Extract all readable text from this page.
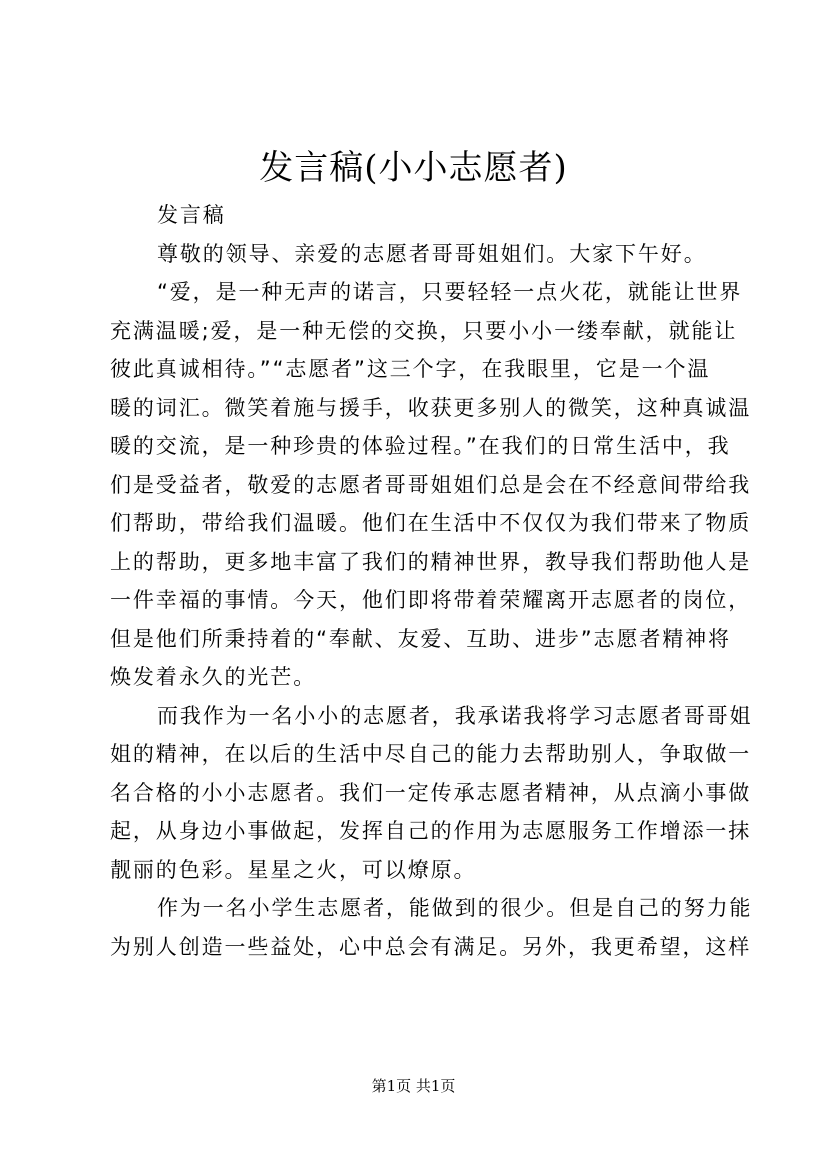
发言稿(小小志愿者)
发言稿
尊敬的领导、亲爱的志愿者哥哥姐姐们。大家下午好。
“爱，是一种无声的诺言，只要轻轻一点火花，就能让世界
充满温暖;爱，是一种无偿的交换，只要小小一缕奉献，就能让
彼此真诚相待。”“志愿者”这三个字，在我眼里，它是一个温
暖的词汇。微笑着施与援手，收获更多别人的微笑，这种真诚温
暖的交流，是一种珍贵的体验过程。”在我们的日常生活中，我
们是受益者，敬爱的志愿者哥哥姐姐们总是会在不经意间带给我
们帮助，带给我们温暖。他们在生活中不仅仅为我们带来了物质
上的帮助，更多地丰富了我们的精神世界，教导我们帮助他人是
一件幸福的事情。今天，他们即将带着荣耀离开志愿者的岗位，
但是他们所秉持着的“奉献、友爱、互助、进步”志愿者精神将
焕发着永久的光芒。
而我作为一名小小的志愿者，我承诺我将学习志愿者哥哥姐
姐的精神，在以后的生活中尽自己的能力去帮助别人，争取做一
名合格的小小志愿者。我们一定传承志愿者精神，从点滴小事做
起，从身边小事做起，发挥自己的作用为志愿服务工作增添一抹
靓丽的色彩。星星之火，可以燎原。
作为一名小学生志愿者，能做到的很少。但是自己的努力能
为别人创造一些益处，心中总会有满足。另外，我更希望，这样
第1页 共1页
